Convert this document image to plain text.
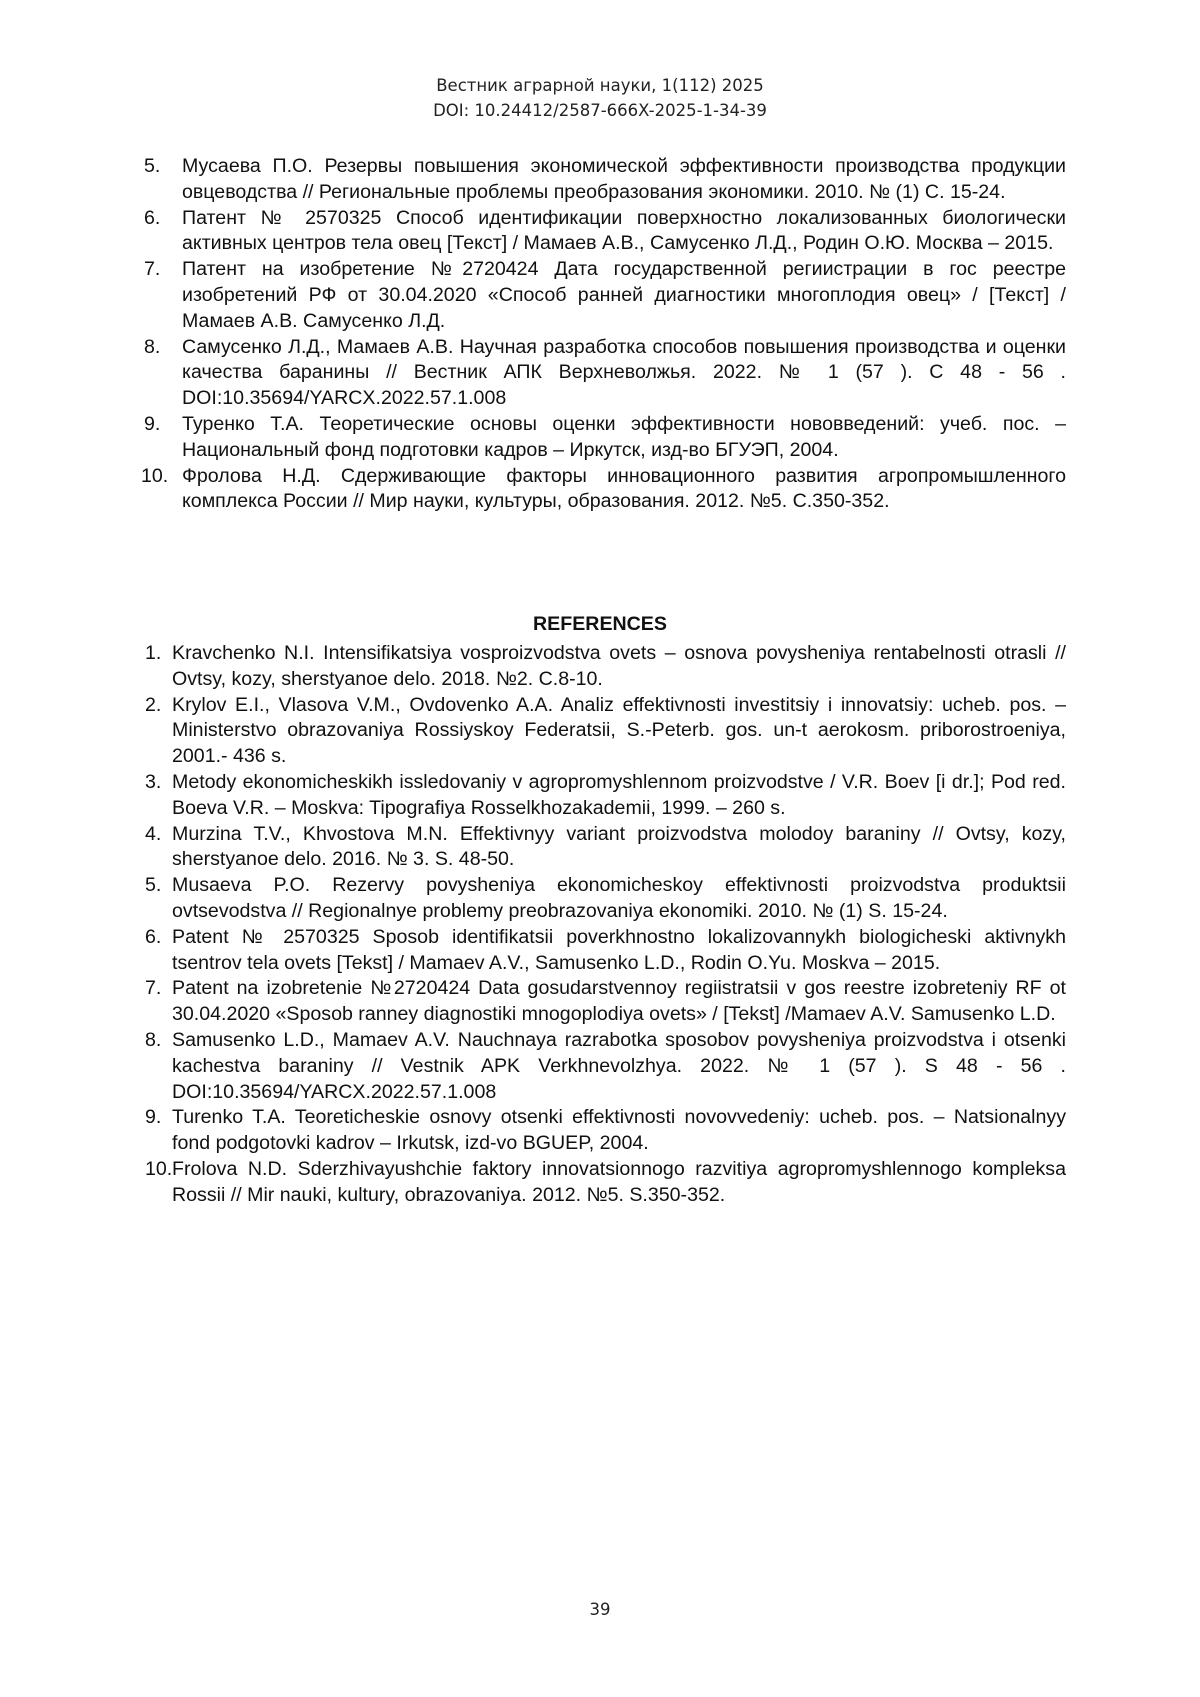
Вестник аграрной науки, 1(112) 2025
DOI: 10.24412/2587-666X-2025-1-34-39
5. Мусаева П.О. Резервы повышения экономической эффективности производства продукции овцеводства // Региональные проблемы преобразования экономики. 2010. № (1) С. 15-24.
6. Патент № 2570325 Способ идентификации поверхностно локализованных биологически активных центров тела овец [Текст] / Мамаев А.В., Самусенко Л.Д., Родин О.Ю. Москва – 2015.
7. Патент на изобретение №2720424 Дата государственной регииcтрации в гос реестре изобретений РФ от 30.04.2020 «Способ ранней диагностики многоплодия овец» / [Текст] /Мамаев А.В. Самусенко Л.Д.
8. Самусенко Л.Д., Мамаев А.В. Научная разработка способов повышения производства и оценки качества баранины // Вестник АПК Верхневолжья. 2022. № 1 (57 ). С 48 - 56 . DOI:10.35694/YARCX.2022.57.1.008
9. Туренко Т.А. Теоретические основы оценки эффективности нововведений: учеб. пос. – Национальный фонд подготовки кадров – Иркутск, изд-во БГУЭП, 2004.
10. Фролова Н.Д. Сдерживающие факторы инновационного развития агропромышленного комплекса России // Мир науки, культуры, образования. 2012. №5. С.350-352.
REFERENCES
1. Kravchenko N.I. Intensifikatsiya vosproizvodstva ovets – osnova povysheniya rentabelnosti otrasli // Ovtsy, kozy, sherstyanoe delo. 2018. №2. C.8-10.
2. Krylov E.I., Vlasova V.M., Ovdovenko A.A. Analiz effektivnosti investitsiy i innovatsiy: ucheb. pos. – Ministerstvo obrazovaniya Rossiyskoy Federatsii, S.-Peterb. gos. un-t aerokosm. priborostroeniya, 2001.- 436 s.
3. Metody ekonomicheskikh issledovaniy v agropromyshlennom proizvodstve / V.R. Boev [i dr.]; Pod red. Boeva V.R. – Moskva: Tipografiya Rosselkhozakademii, 1999. – 260 s.
4. Murzina T.V., Khvostova M.N. Effektivnyy variant proizvodstva molodoy baraniny // Ovtsy, kozy, sherstyanoe delo. 2016. № 3. S. 48-50.
5. Musaeva P.O. Rezervy povysheniya ekonomicheskoy effektivnosti proizvodstva produktsii ovtsevodstva // Regionalnye problemy preobrazovaniya ekonomiki. 2010. № (1) S. 15-24.
6. Patent № 2570325 Sposob identifikatsii poverkhnostno lokalizovannykh biologicheski aktivnykh tsentrov tela ovets [Tekst] / Mamaev A.V., Samusenko L.D., Rodin O.Yu. Moskva – 2015.
7. Patent na izobretenie №2720424 Data gosudarstvennoy regiistratsii v gos reestre izobreteniy RF ot 30.04.2020 «Sposob ranney diagnostiki mnogoplodiya ovets» / [Tekst] /Mamaev A.V. Samusenko L.D.
8. Samusenko L.D., Mamaev A.V. Nauchnaya razrabotka sposobov povysheniya proizvodstva i otsenki kachestva baraniny // Vestnik APK Verkhnevolzhya. 2022. № 1 (57 ). S 48 - 56 . DOI:10.35694/YARCX.2022.57.1.008
9. Turenko T.A. Teoreticheskie osnovy otsenki effektivnosti novovvedeniy: ucheb. pos. – Natsionalnyy fond podgotovki kadrov – Irkutsk, izd-vo BGUEP, 2004.
10. Frolova N.D. Sderzhivayushchie faktory innovatsionnogo razvitiya agropromyshlennogo kompleksa Rossii // Mir nauki, kultury, obrazovaniya. 2012. №5. S.350-352.
39
